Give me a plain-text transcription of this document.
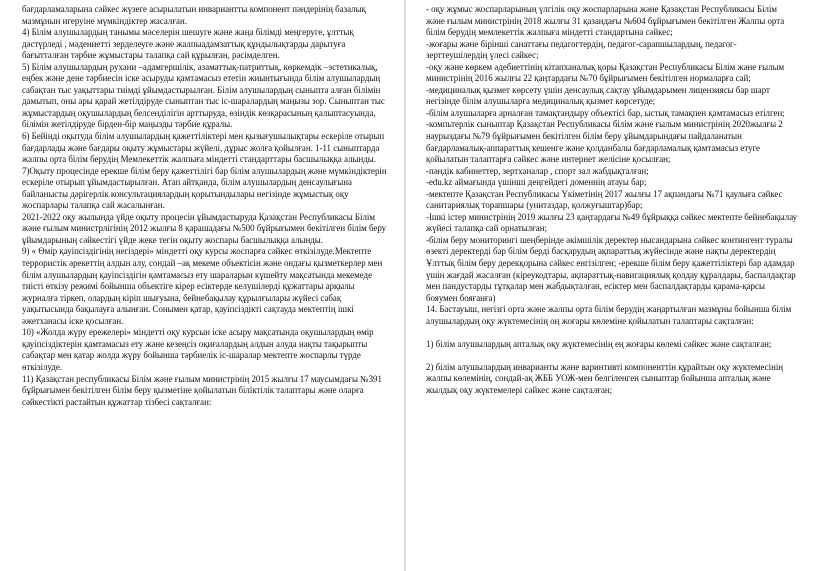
бағдарламаларына сәйкес жүзеге асырылатын инвариантты компонент пәндерінің базалық мазмұнын игеруіне мүмкіндіктер жасалған.

4) Білім алушылардың танымы мәселерін шешуге және жаңа білімді меңгеруге, ұлттық дәстүрледі , мәдениетті зерделеуге және жалпыадамзаттық құндылықтарды дарытуға бағытталған тәрбие жұмыстары талапқа сай құрылған, рәсімделген.

5) Білім алушылардың рухани –адамгершілік, азаматтық-патриттық, көркемдік –эстетикалық, еңбек және дене тәрбиесін іске асыруды қамтамасыз ететін жиынтығында білім алушылардың сабақтан тыс уақыттары тиімді ұйымдастырылған. Білім алушылардың сыныпта алған білімін дамытып, оны ары қарай жетілдіруде сыныптан тыс іс-шаралардың маңызы зор. Сыныптан тыс жұмыстардың оқушылардың белсенділігін арттыруда, өзіндік көзқарасының қалыптасуында, білімін жетілдіруде бірден-бір маңызды тәрбие құралы.

6) Бейінді оқытуда білім алушылардың қажеттіліктері мен қызығушылықтары ескеріле отырып бағдарлады және бағдары оқыту жұмыстары жүйелі, дұрыс жолға қойылған. 1-11 сыныптарда жалпы орта білім берудің Мемлекеттік жалпыға міндетті стандарттары басшылыққа алынды.

7)Оқыту процесінде ерекше білім беру қажеттілігі бар білім алушылардың және мүмкіндіктерін ескеріле отырып ұйымдастырылған. Атап айтқанда, білім алушылардың денсаулығына байланысты дәрігерлік консультациялардың қорытындылары негізінде жұмыстық оқу жоспарлары талапқа сай жасалынған.

2021-2022 оқу жылында үйде оқыту процесін ұйымдастыруда Қазақстан Республикасы Білім және ғылым министрлігінің 2012 жылғы 8 қарашадағы №500 бұйрығымен бекітілген білім беру ұйымдарының сәйкестігі үйде жеке тегін оқыту жоспары басшылыққа алынды.

9) « Өмір қауіпсіздігінің негіздері» міндетті оқу курсы жоспарға сәйкес өткізілуде.Мектепте террористік әрекеттің алдын алу, сондай –ақ мекеме объектісін және ондағы қызметкерлер мен білім алушылардың қауіпсіздігін қамтамасыз ету шараларын күшейту мақсатында мекемеде тиісті өткізу режимі бойынша объектіге кірер есіктерде келушілерді құжаттары арқылы журналға тіркеп, олардың кіріп шығуына, бейнебақылау құрылғылары жүйесі сабақ уақытысында бақылауға алынған. Сонымен қатар, қауіпсіздікті сақтауда мектептің ішкі әжетханасы іске қосылған.

10) «Жолда жүру ережелері» міндетті оқу курсын іске асыру мақсатында оқушылардың өмір қауіпсіздіктерін қамтамасыз ету және кезеңсіз оқиғалардың алдын алуда нақты тақырыпты сабақтар мен қатар жолда жүру бойынша тәрбиелік іс-шаралар мектепте жоспарлы түрде өткізілуде.

11) Қазақстан республикасы Білім және ғылым министрінің 2015 жылғы 17 маусымдағы №391 бұйрығымен бекітілген білім беру қызметіне қойылатын біліктілік талаптары және оларға сәйкестікті растайтын құжаттар тізбесі сақталған:

- оқу жұмыс жоспарларының үлгілік оқу жоспарларына және Қазақстан Республикасы Білім және ғылым министрінің 2018 жылғы 31 қазандағы №604 бұйрығымен бекітілген Жалпы орта білім берудің мемлекеттік жалпыға міндетті стандартына сәйкес;

-жоғары және бірінші санаттағы педагогтердің, педагог-сарапшылардың, педагог-зерттеушілердің үлесі сәйкес;

-оқу және көркем әдебиеттінің кітапханалық қоры Қазақстан Республикасы Білім және ғылым министрінің 2016 жылғы 22 қаңтардағы №70 бұйрығымен бекітілген нормаларға сай;

-медициналық қызмет көрсету үшін денсаулық сақтау ұйымдарымен лицензиясы бар шарт негізінде білім алушыларға медициналық қызмет көрсетуде;

-білім алушыларға арналған тамақтандыру объектісі бар, ыстық тамақпен қамтамасыз етілген;

-компьтерлік сыныптар Қазақстан Республикасы білім және ғылым министрінің 2020жылғы 2 наурыздағы №79 бұйрығымен бекітілген білім беру ұйымдарындағы пайдаланатын бағдарламалық-аппараттық кешенге және қолданбалы бағдарламалық қамтамасыз етуге қойылатын талаптарға сәйкес және интернет желісіне қосылған;

-пәндік кабинеттер, зертханалар , спорт зал жабдықталған;

-edu.kz аймағында үшінші деңгейдегі доменнің атауы бар;

-мектепте Қазақстан Республикасы Үкіметінің 2017 жылғы 17 ақпандағы №71 қаулыға сәйкес санитариялық торапшары (унитаздар, қолжуғыштар)бар;

-Ішкі істер министрінің 2019 жылғы 23 қаңтардағы №49 бұйрыққа сәйкес мектепте бейнебақылау жүйесі талапқа сай орнатылған;

-білім беру мониторингі шеңберінде әкімшілік деректер нысандарына сәйкес контингент туралы өзекті деректерді бар білім берді басқарудың ақпараттық жүйесінде және нақты деректердің Ұлттық білім беру дерекқорына сәйкес енгізілген; -ерекше білім беру қажеттіліктері бар адамдар үшін жағдай жасалған (кіреукодтары, ақпараттық-навигациялық қолдау құралдары, баспалдақтар мен пандустарды тұтқалар мен жабдықталған, есіктер мен баспалдақтарды қарама-қарсы бояумен бояғанға)

14. Бастауыш, негізгі орта және жалпы орта білім берудің жаңартылған мазмұны бойынша білім алушылардың оқу жүктемесінің оң жоғары көлеміне қойылатын талаптары сақталған:

1) білім алушылардың апталық оқу жүктемесінің ең жоғары көлемі сәйкес және сақталған;

2) білім алушылардың инварианты және варинтивті компоненттін құрайтын оқу жүктемесінің жалпы көлемінің, сондай-ақ ЖББ УОЖ-мен белгіленген сыныптар бойынша апталық және жылдық оқу жүктемелері сәйкес және сақталған;
